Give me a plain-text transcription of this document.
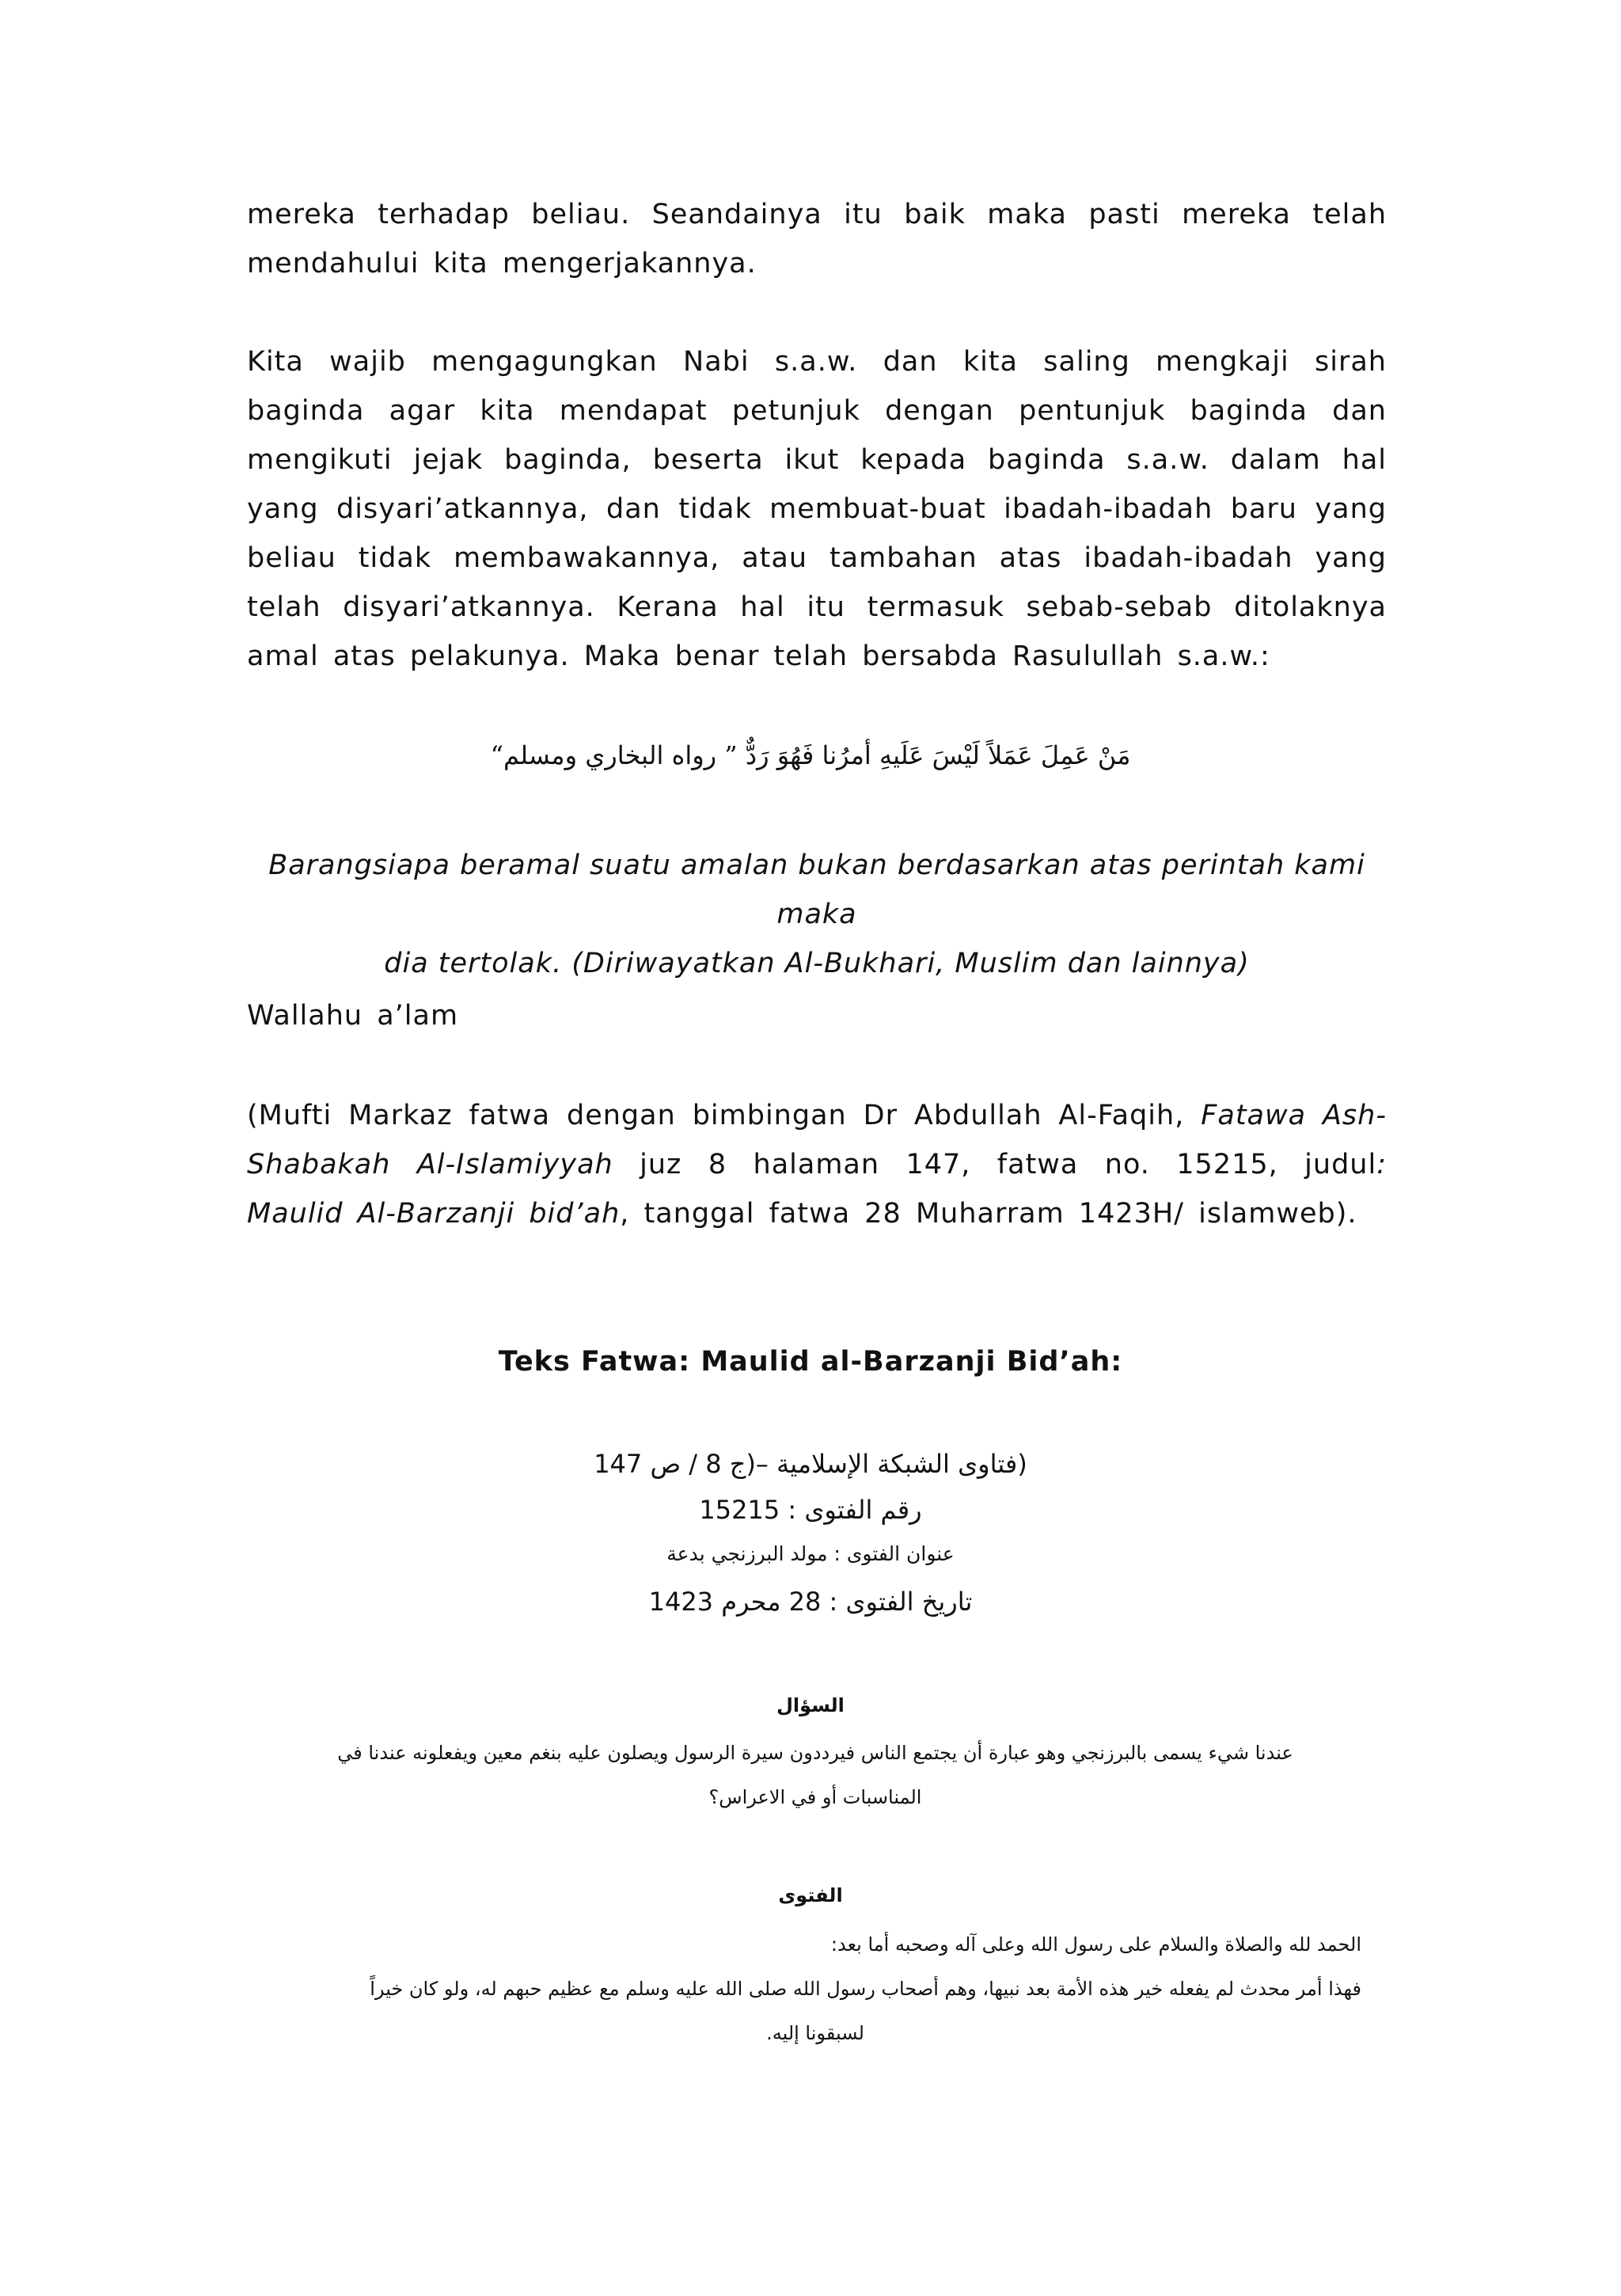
mereka terhadap beliau. Seandainya itu baik maka pasti mereka telah

mendahului kita mengerjakannya.

Kita wajib mengagungkan Nabi s.a.w. dan kita saling mengkaji sirah baginda agar kita mendapat petunjuk dengan pentunjuk baginda dan mengikuti jejak baginda, beserta ikut kepada baginda s.a.w. dalam hal yang disyari’atkannya, dan tidak membuat-buat ibadah-ibadah baru yang beliau tidak membawakannya, atau tambahan atas ibadah-ibadah yang telah disyari’atkannya. Kerana hal itu termasuk sebab-sebab ditolaknya amal atas pelakunya. Maka benar telah bersabda Rasulullah s.a.w.:

مَنْ عَمِلَ عَمَلاً لَيْسَ عَلَيهِ أمرُنا فَهُوَ رَدٌّ ” رواه البخاري ومسلم“

Barangsiapa beramal suatu amalan bukan berdasarkan atas perintah kami maka

dia tertolak. (Diriwayatkan Al-Bukhari, Muslim dan lainnya)

Wallahu a’lam

(Mufti Markaz fatwa dengan bimbingan Dr Abdullah Al-Faqih, Fatawa Ash-Shabakah Al-Islamiyyah juz 8 halaman 147, fatwa no. 15215, judul: Maulid Al-Barzanji bid’ah, tanggal fatwa 28 Muharram 1423H/ islamweb).

Teks Fatwa: Maulid al-Barzanji Bid’ah:
(فتاوى الشبكة الإسلامية –(ج 8 / ص 147
رقم الفتوى : 15215
عنوان الفتوى : مولد البرزنجي بدعة
تاريخ الفتوى : 28 محرم 1423
السؤال

عندنا شيء يسمى بالبرزنجي وهو عبارة أن يجتمع الناس فيرددون سيرة الرسول ويصلون عليه بنغم معين ويفعلونه عندنا في

المناسبات أو في الاعراس؟

الفتوى

الحمد لله والصلاة والسلام على رسول الله وعلى آله وصحبه أما بعد:

فهذا أمر محدث لم يفعله خير هذه الأمة بعد نبيها، وهم أصحاب رسول الله صلى الله عليه وسلم مع عظيم حبهم له، ولو كان خيراً

لسبقونا إليه.
